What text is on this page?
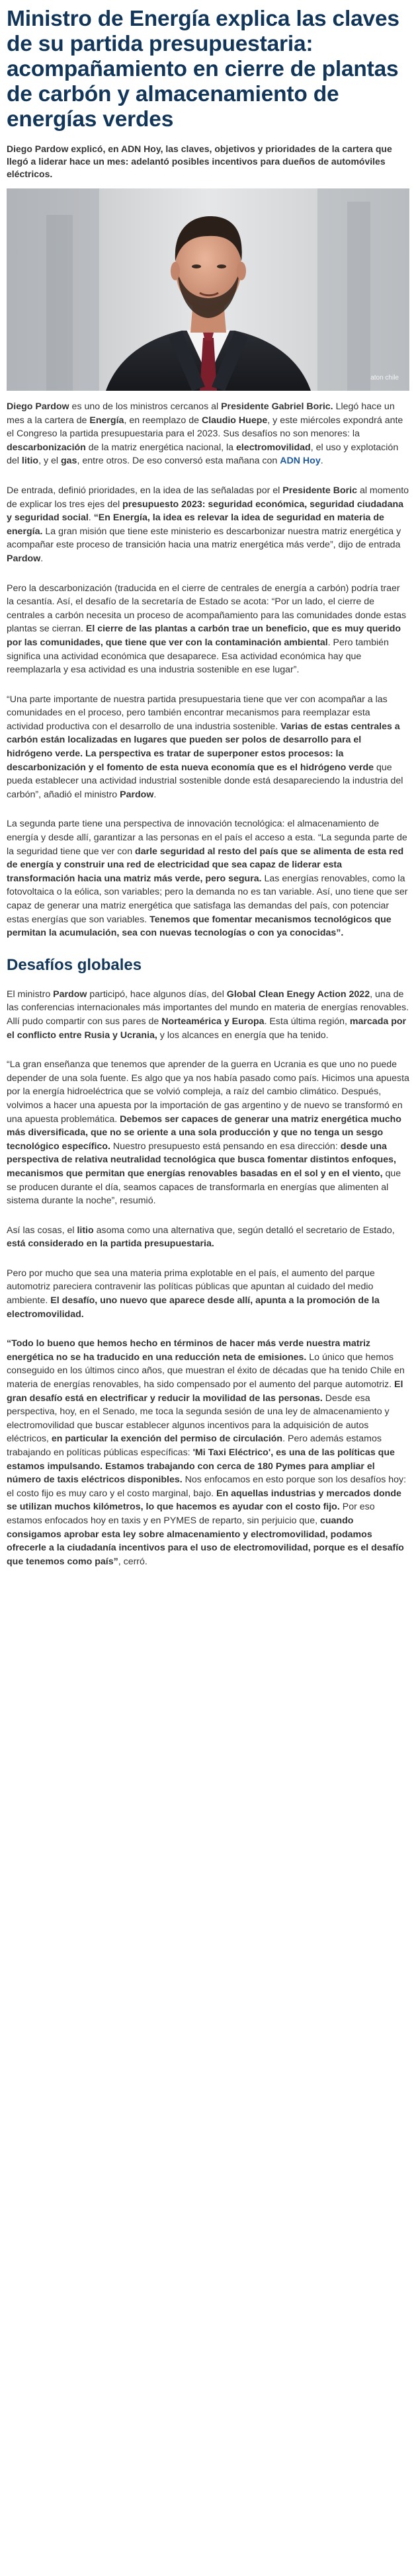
Ministro de Energía explica las claves de su partida presupuestaria: acompañamiento en cierre de plantas de carbón y almacenamiento de energías verdes

Diego Pardow explicó, en ADN Hoy, las claves, objetivos y prioridades de la cartera que llegó a liderar hace un mes: adelantó posibles incentivos para dueños de automóviles eléctricos.

aton chile

Diego Pardow es uno de los ministros cercanos al Presidente Gabriel Boric. Llegó hace un mes a la cartera de Energía, en reemplazo de Claudio Huepe, y este miércoles expondrá ante el Congreso la partida presupuestaria para el 2023. Sus desafíos no son menores: la descarbonización de la matriz energética nacional, la electromovilidad, el uso y explotación del litio, y el gas, entre otros. De eso conversó esta mañana con ADN Hoy.

De entrada, definió prioridades, en la idea de las señaladas por el Presidente Boric al momento de explicar los tres ejes del presupuesto 2023: seguridad económica, seguridad ciudadana y seguridad social. “En Energía, la idea es relevar la idea de seguridad en materia de energía. La gran misión que tiene este ministerio es descarbonizar nuestra matriz energética y acompañar este proceso de transición hacia una matriz energética más verde”, dijo de entrada Pardow.

Pero la descarbonización (traducida en el cierre de centrales de energía a carbón) podría traer la cesantía. Así, el desafío de la secretaría de Estado se acota: “Por un lado, el cierre de centrales a carbón necesita un proceso de acompañamiento para las comunidades donde estas plantas se cierran. El cierre de las plantas a carbón trae un beneficio, que es muy querido por las comunidades, que tiene que ver con la contaminación ambiental. Pero también significa una actividad económica que desaparece. Esa actividad económica hay que reemplazarla y esa actividad es una industria sostenible en ese lugar”.

“Una parte importante de nuestra partida presupuestaria tiene que ver con acompañar a las comunidades en el proceso, pero también encontrar mecanismos para reemplazar esta actividad productiva con el desarrollo de una industria sostenible. Varias de estas centrales a carbón están localizadas en lugares que pueden ser polos de desarrollo para el hidrógeno verde. La perspectiva es tratar de superponer estos procesos: la descarbonización y el fomento de esta nueva economía que es el hidrógeno verde que pueda establecer una actividad industrial sostenible donde está desapareciendo la industria del carbón”, añadió el ministro Pardow.

La segunda parte tiene una perspectiva de innovación tecnológica: el almacenamiento de energía y desde allí, garantizar a las personas en el país el acceso a esta. “La segunda parte de la seguridad tiene que ver con darle seguridad al resto del país que se alimenta de esta red de energía y construir una red de electricidad que sea capaz de liderar esta transformación hacia una matriz más verde, pero segura. Las energías renovables, como la fotovoltaica o la eólica, son variables; pero la demanda no es tan variable. Así, uno tiene que ser capaz de generar una matriz energética que satisfaga las demandas del país, con potenciar estas energías que son variables. Tenemos que fomentar mecanismos tecnológicos que permitan la acumulación, sea con nuevas tecnologías o con ya conocidas”.

Desafíos globales

El ministro Pardow participó, hace algunos días, del Global Clean Enegy Action 2022, una de las conferencias internacionales más importantes del mundo en materia de energías renovables. Allí pudo compartir con sus pares de Norteamérica y Europa. Esta última región, marcada por el conflicto entre Rusia y Ucrania, y los alcances en energía que ha tenido.

“La gran enseñanza que tenemos que aprender de la guerra en Ucrania es que uno no puede depender de una sola fuente. Es algo que ya nos había pasado como país. Hicimos una apuesta por la energía hidroeléctrica que se volvió compleja, a raíz del cambio climático. Después, volvimos a hacer una apuesta por la importación de gas argentino y de nuevo se transformó en una apuesta problemática. Debemos ser capaces de generar una matriz energética mucho más diversificada, que no se oriente a una sola producción y que no tenga un sesgo tecnológico específico. Nuestro presupuesto está pensando en esa dirección: desde una perspectiva de relativa neutralidad tecnológica que busca fomentar distintos enfoques, mecanismos que permitan que energías renovables basadas en el sol y en el viento, que se producen durante el día, seamos capaces de transformarla en energías que alimenten al sistema durante la noche”, resumió.

Así las cosas, el litio asoma como una alternativa que, según detalló el secretario de Estado, está considerado en la partida presupuestaria.

Pero por mucho que sea una materia prima explotable en el país, el aumento del parque automotriz pareciera contravenir las políticas públicas que apuntan al cuidado del medio ambiente. El desafío, uno nuevo que aparece desde allí, apunta a la promoción de la electromovilidad.

“Todo lo bueno que hemos hecho en términos de hacer más verde nuestra matriz energética no se ha traducido en una reducción neta de emisiones. Lo único que hemos conseguido en los últimos cinco años, que muestran el éxito de décadas que ha tenido Chile en materia de energías renovables, ha sido compensado por el aumento del parque automotriz. El gran desafío está en electrificar y reducir la movilidad de las personas. Desde esa perspectiva, hoy, en el Senado, me toca la segunda sesión de una ley de almacenamiento y electromovilidad que buscar establecer algunos incentivos para la adquisición de autos eléctricos, en particular la exención del permiso de circulación. Pero además estamos trabajando en políticas públicas específicas: 'Mi Taxi Eléctrico', es una de las políticas que estamos impulsando. Estamos trabajando con cerca de 180 Pymes para ampliar el número de taxis eléctricos disponibles. Nos enfocamos en esto porque son los desafíos hoy: el costo fijo es muy caro y el costo marginal, bajo. En aquellas industrias y mercados donde se utilizan muchos kilómetros, lo que hacemos es ayudar con el costo fijo. Por eso estamos enfocados hoy en taxis y en PYMES de reparto, sin perjuicio que, cuando consigamos aprobar esta ley sobre almacenamiento y electromovilidad, podamos ofrecerle a la ciudadanía incentivos para el uso de electromovilidad, porque es el desafío que tenemos como país”, cerró.
